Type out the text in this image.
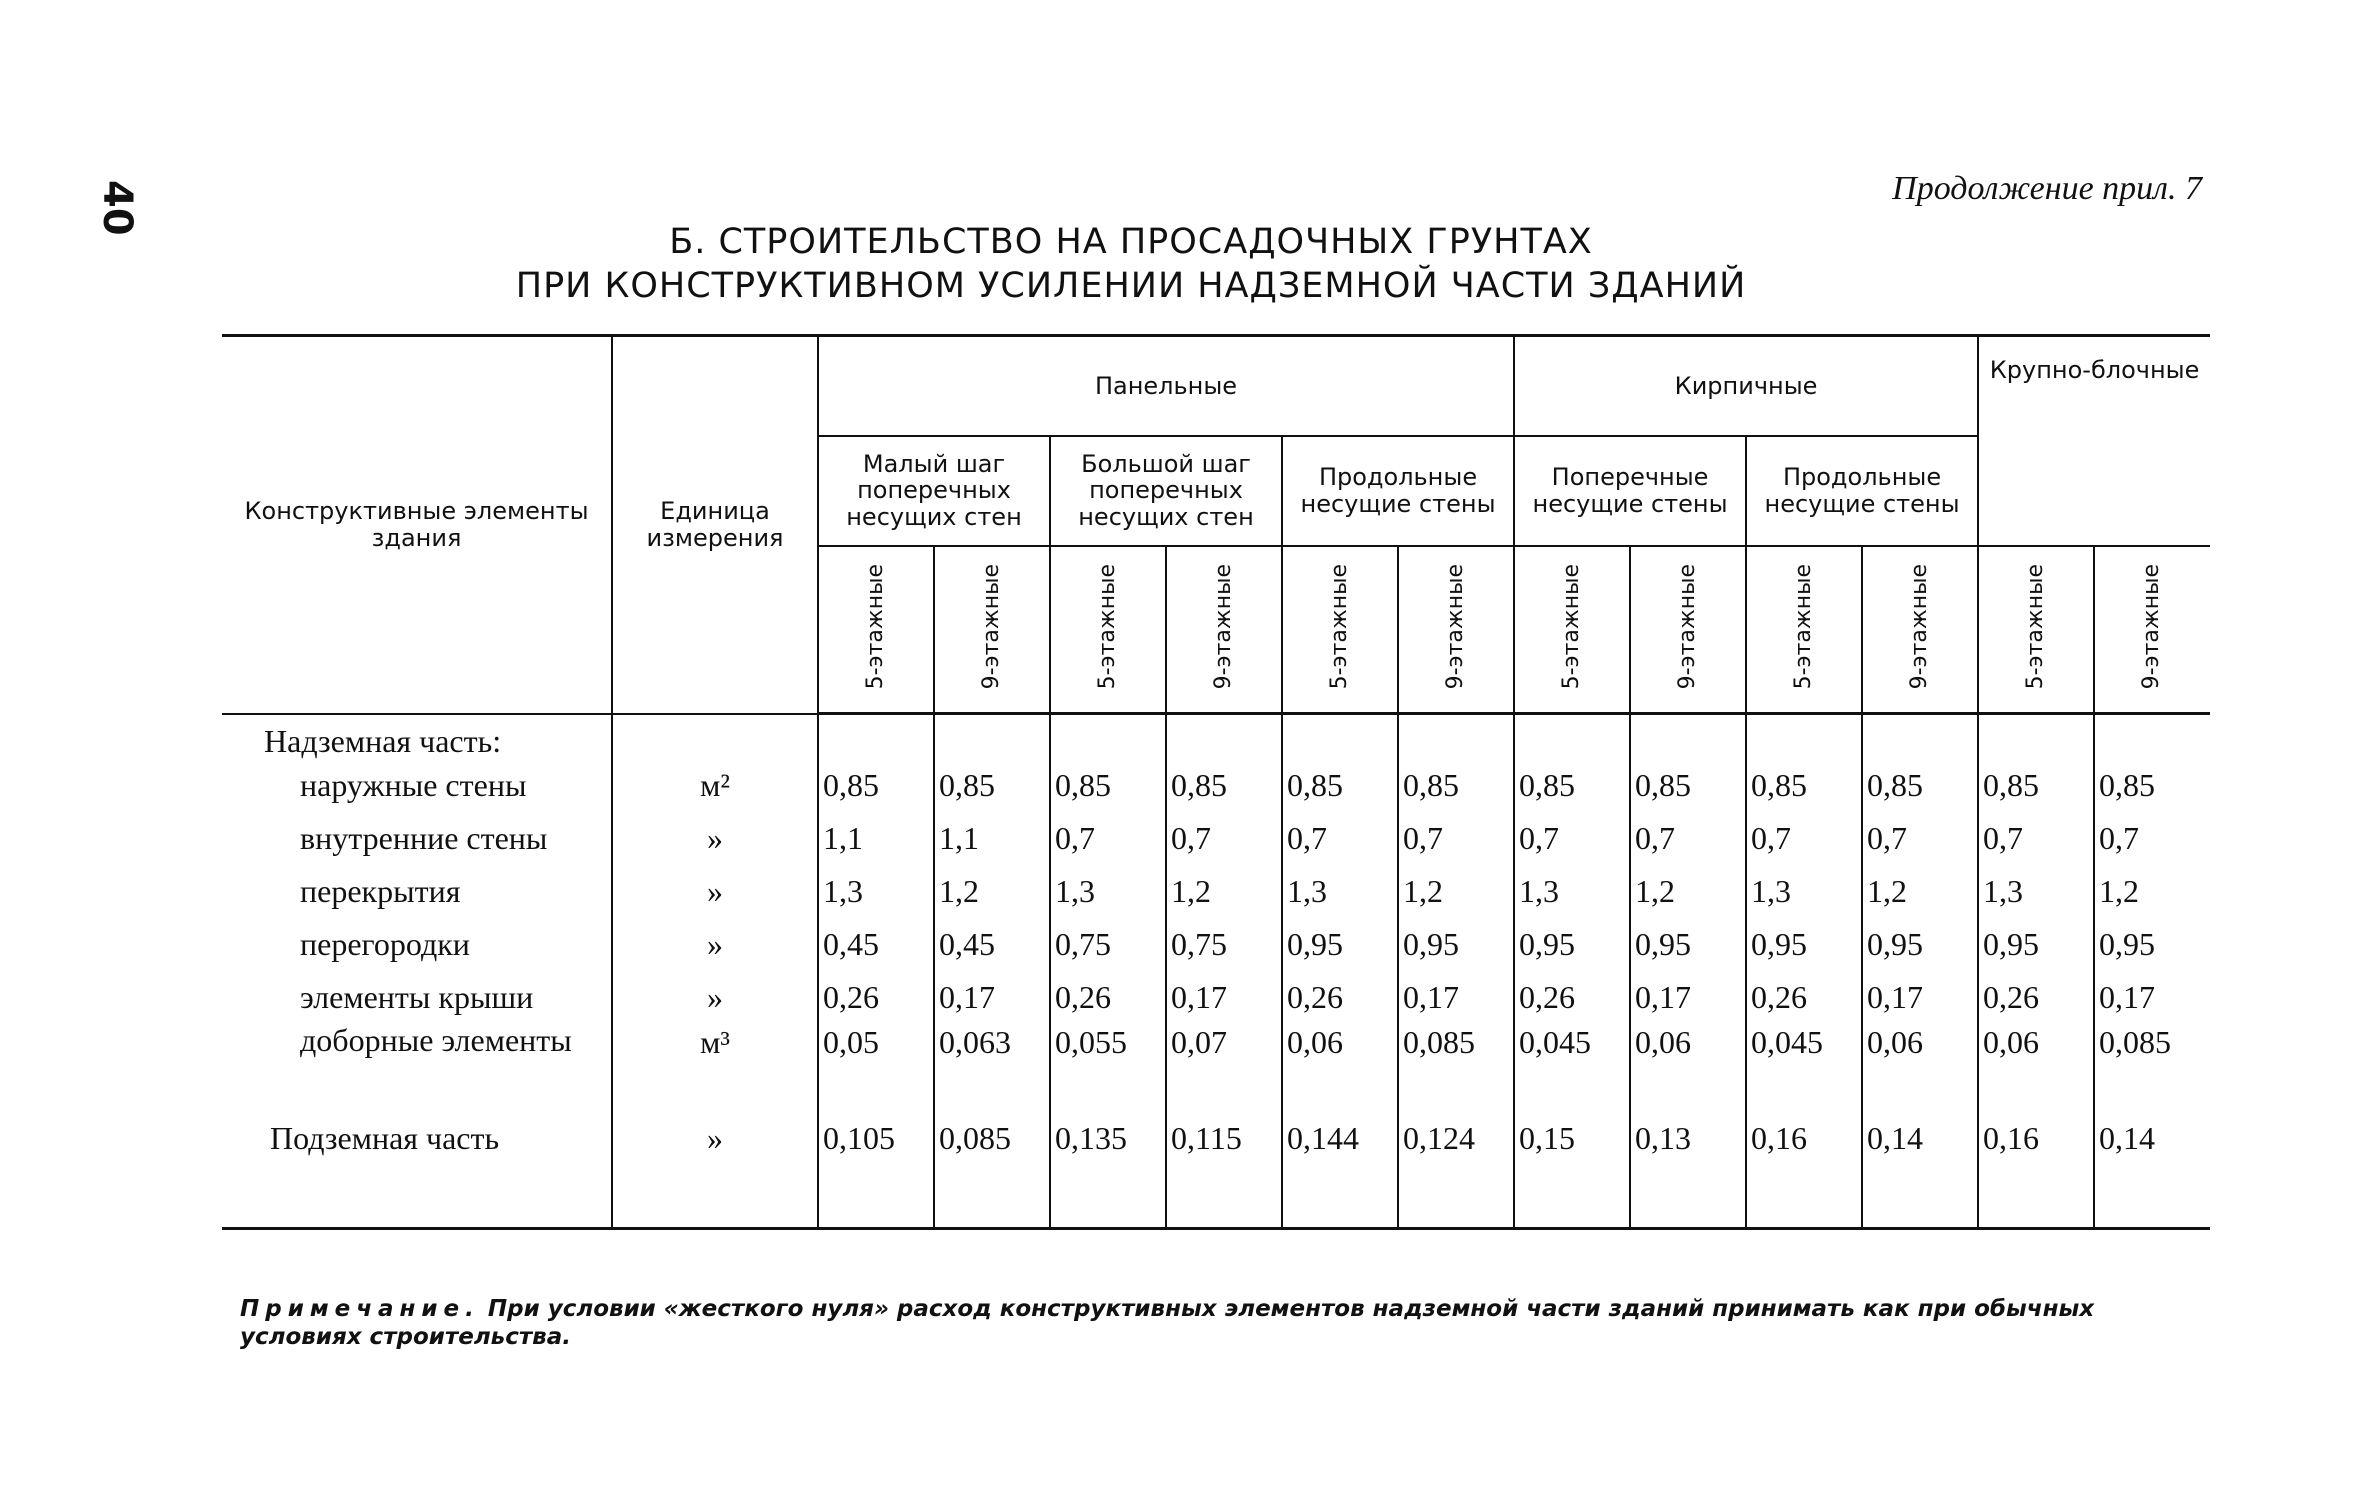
40	Продолжение прил. 7
Б. СТРОИТЕЛЬСТВО НА ПРОСАДОЧНЫХ ГРУНТАХ
ПРИ КОНСТРУКТИВНОМ УСИЛЕНИИ НАДЗЕМНОЙ ЧАСТИ ЗДАНИЙ
Конструктивные элементы здания	Единица измерения	Панельные						Кирпичные				Крупно-блочные	
		Малый шаг поперечных несущих стен		Большой шаг поперечных несущих стен		Продольные несущие стены		Поперечные несущие стены		Продольные несущие стены			
		5-этажные	9-этажные	5-этажные	9-этажные	5-этажные	9-этажные	5-этажные	9-этажные	5-этажные	9-этажные	5-этажные	9-этажные
Надземная часть:													
наружные стены	м²	0,85	0,85	0,85	0,85	0,85	0,85	0,85	0,85	0,85	0,85	0,85	0,85
внутренние стены	»	1,1	1,1	0,7	0,7	0,7	0,7	0,7	0,7	0,7	0,7	0,7	0,7
перекрытия	»	1,3	1,2	1,3	1,2	1,3	1,2	1,3	1,2	1,3	1,2	1,3	1,2
перегородки	»	0,45	0,45	0,75	0,75	0,95	0,95	0,95	0,95	0,95	0,95	0,95	0,95
элементы крыши	»	0,26	0,17	0,26	0,17	0,26	0,17	0,26	0,17	0,26	0,17	0,26	0,17
доборные элементы	м³	0,05	0,063	0,055	0,07	0,06	0,085	0,045	0,06	0,045	0,06	0,06	0,085
Подземная часть	»	0,105	0,085	0,135	0,115	0,144	0,124	0,15	0,13	0,16	0,14	0,16	0,14

Примечание. При условии «жесткого нуля» расход конструктивных элементов надземной части зданий принимать как при обычных условиях строительства.
